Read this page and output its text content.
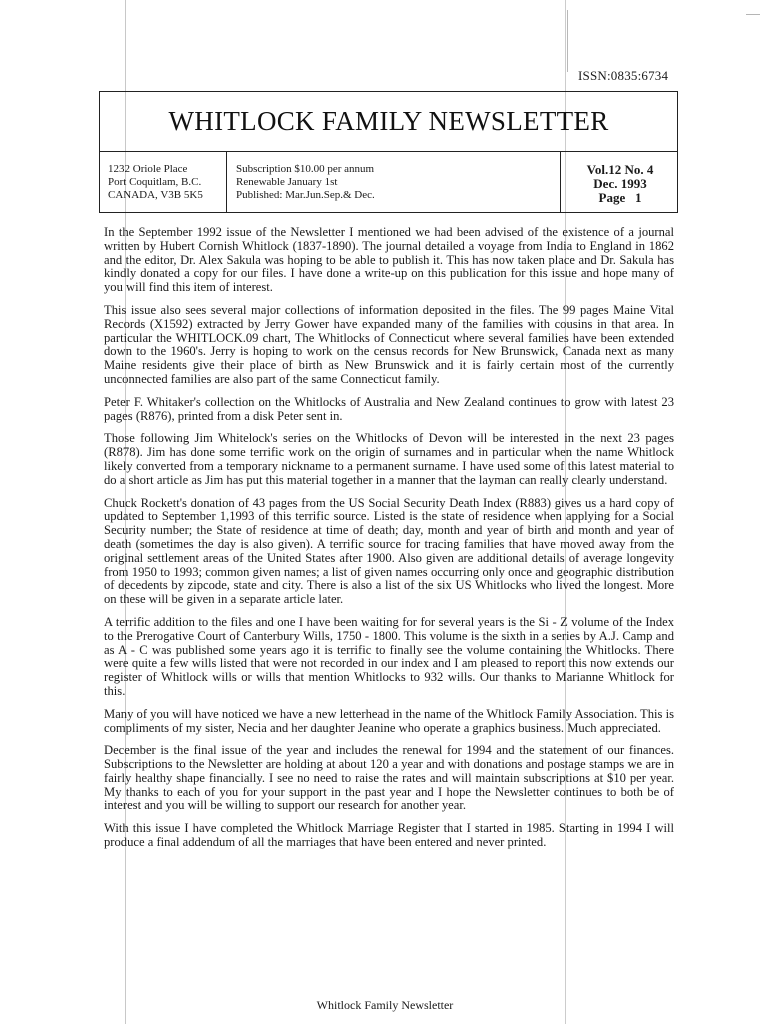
ISSN:0835:6734
WHITLOCK FAMILY NEWSLETTER
1232 Oriole Place
Port Coquitlam, B.C.
CANADA, V3B 5K5
Subscription $10.00 per annum
Renewable January 1st
Published: Mar.Jun.Sep.& Dec.
Vol.12 No. 4
Dec. 1993
Page   1

In the September 1992 issue of the Newsletter I mentioned we had been advised of the existence of a journal written by Hubert Cornish Whitlock (1837-1890). The journal detailed a voyage from India to England in 1862 and the editor, Dr. Alex Sakula was hoping to be able to publish it. This has now taken place and Dr. Sakula has kindly donated a copy for our files. I have done a write-up on this publication for this issue and hope many of you will find this item of interest.

This issue also sees several major collections of information deposited in the files. The 99 pages Maine Vital Records (X1592) extracted by Jerry Gower have expanded many of the families with cousins in that area. In particular the WHITLOCK.09 chart, The Whitlocks of Connecticut where several families have been extended down to the 1960's. Jerry is hoping to work on the census records for New Brunswick, Canada next as many Maine residents give their place of birth as New Brunswick and it is fairly certain most of the currently unconnected families are also part of the same Connecticut family.

Peter F. Whitaker's collection on the Whitlocks of Australia and New Zealand continues to grow with latest 23 pages (R876), printed from a disk Peter sent in.

Those following Jim Whitelock's series on the Whitlocks of Devon will be interested in the next 23 pages (R878). Jim has done some terrific work on the origin of surnames and in particular when the name Whitlock likely converted from a temporary nickname to a permanent surname. I have used some of this latest material to do a short article as Jim has put this material together in a manner that the layman can really clearly understand.

Chuck Rockett's donation of 43 pages from the US Social Security Death Index (R883) gives us a hard copy of updated to September 1,1993 of this terrific source. Listed is the state of residence when applying for a Social Security number; the State of residence at time of death; day, month and year of birth and month and year of death (sometimes the day is also given). A terrific source for tracing families that have moved away from the original settlement areas of the United States after 1900. Also given are additional details of average longevity from 1950 to 1993; common given names; a list of given names occurring only once and geographic distribution of decedents by zipcode, state and city. There is also a list of the six US Whitlocks who lived the longest. More on these will be given in a separate article later.

A terrific addition to the files and one I have been waiting for for several years is the Si - Z volume of the Index to the Prerogative Court of Canterbury Wills, 1750 - 1800. This volume is the sixth in a series by A.J. Camp and as A - C was published some years ago it is terrific to finally see the volume containing the Whitlocks. There were quite a few wills listed that were not recorded in our index and I am pleased to report this now extends our register of Whitlock wills or wills that mention Whitlocks to 932 wills. Our thanks to Marianne Whitlock for this.

Many of you will have noticed we have a new letterhead in the name of the Whitlock Family Association. This is compliments of my sister, Necia and her daughter Jeanine who operate a graphics business. Much appreciated.

December is the final issue of the year and includes the renewal for 1994 and the statement of our finances. Subscriptions to the Newsletter are holding at about 120 a year and with donations and postage stamps we are in fairly healthy shape financially. I see no need to raise the rates and will maintain subscriptions at $10 per year. My thanks to each of you for your support in the past year and I hope the Newsletter continues to both be of interest and you will be willing to support our research for another year.

With this issue I have completed the Whitlock Marriage Register that I started in 1985. Starting in 1994 I will produce a final addendum of all the marriages that have been entered and never printed.

Whitlock Family Newsletter
